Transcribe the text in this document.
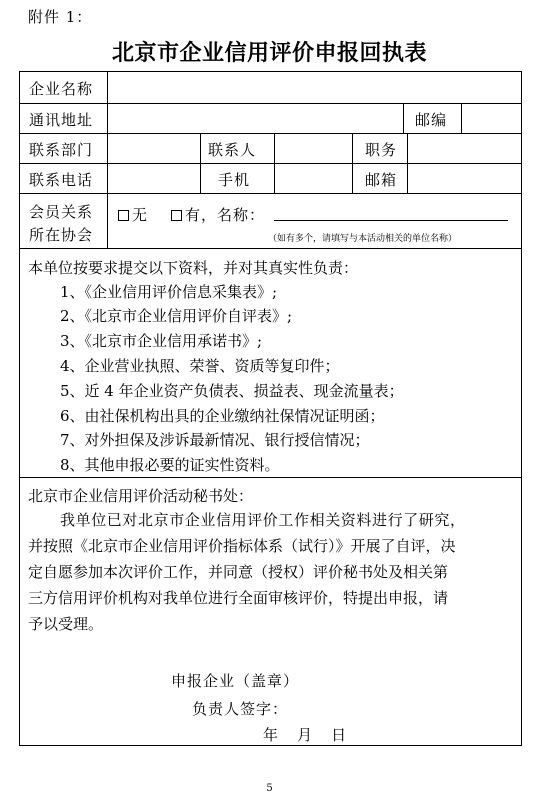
附件 1：
北京市企业信用评价申报回执表
企业名称
通讯地址	邮编
联系部门	联系人	职务
联系电话	手机	邮箱
会员关系
所在协会
无	有，名称：
（如有多个，请填写与本活动相关的单位名称）
本单位按要求提交以下资料，并对其真实性负责：
1、《企业信用评价信息采集表》;
2、《北京市企业信用评价自评表》;
3、《北京市企业信用承诺书》;
4、企业营业执照、荣誉、资质等复印件；
5、近 4 年企业资产负债表、损益表、现金流量表；
6、由社保机构出具的企业缴纳社保情况证明函；
7、对外担保及涉诉最新情况、银行授信情况；
8、其他申报必要的证实性资料。
北京市企业信用评价活动秘书处：
我单位已对北京市企业信用评价工作相关资料进行了研究，
并按照《北京市企业信用评价指标体系（试行）》开展了自评，决
定自愿参加本次评价工作，并同意（授权）评价秘书处及相关第
三方信用评价机构对我单位进行全面审核评价，特提出申报，请
予以受理。
申报企业（盖章）
负责人签字：
年    月    日
5
